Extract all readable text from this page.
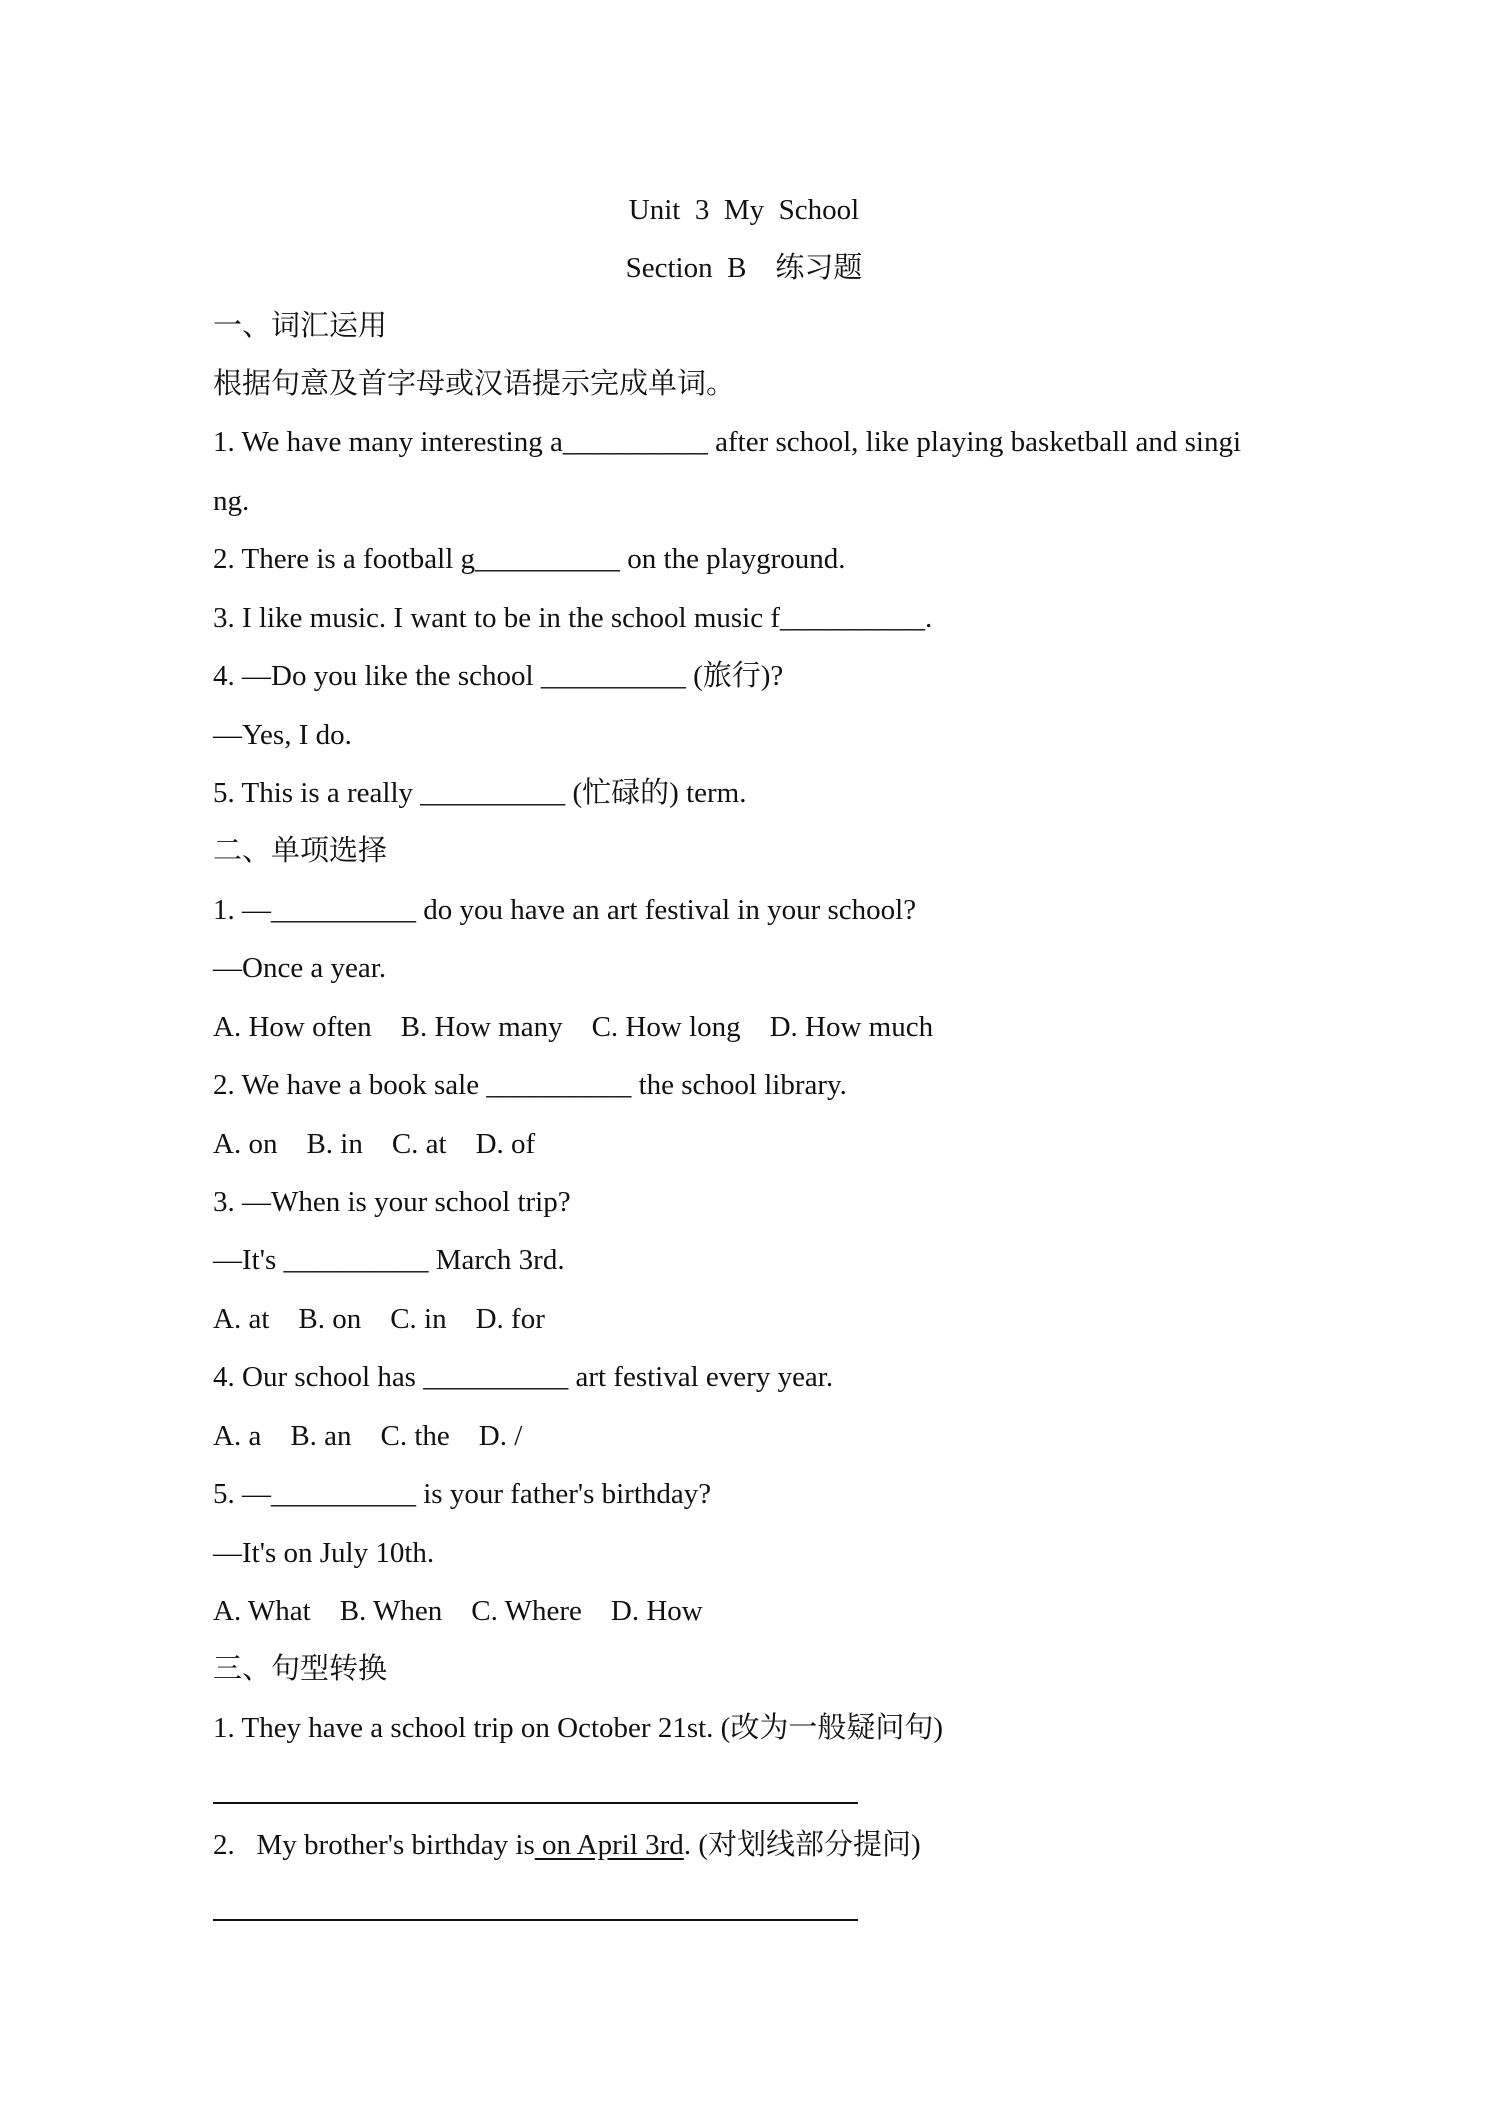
Unit  3  My  School
Section  B    练习题
一、词汇运用
根据句意及首字母或汉语提示完成单词。
1. We have many interesting a__________ after school, like playing basketball and singi
ng.
2. There is a football g__________ on the playground.
3. I like music. I want to be in the school music f__________.
4. —Do you like the school __________ (旅行)?
—Yes, I do.
5. This is a really __________ (忙碌的) term.
二、单项选择
1. —__________ do you have an art festival in your school?
—Once a year.
A. How often    B. How many    C. How long    D. How much
2. We have a book sale __________ the school library.
A. on    B. in    C. at    D. of
3. —When is your school trip?
—It's __________ March 3rd.
A. at    B. on    C. in    D. for
4. Our school has __________ art festival every year.
A. a    B. an    C. the    D. /
5. —__________ is your father's birthday?
—It's on July 10th.
A. What    B. When    C. Where    D. How
三、句型转换
1. They have a school trip on October 21st. (改为一般疑问句)
2.   My brother's birthday is on April 3rd. (对划线部分提问)
